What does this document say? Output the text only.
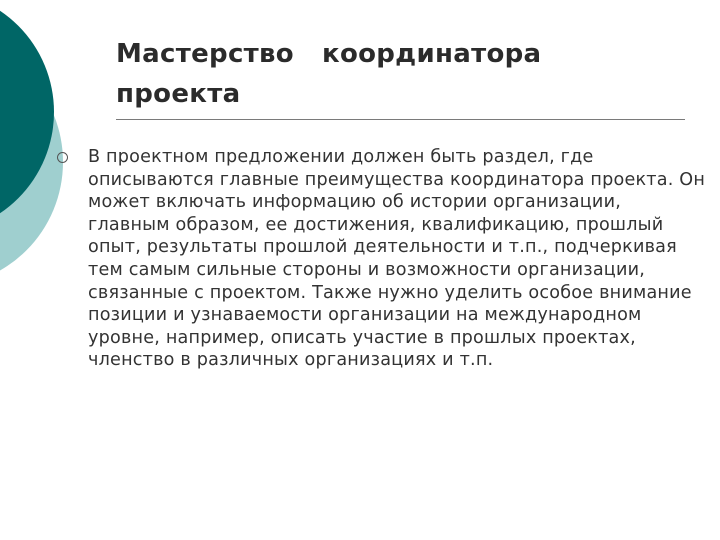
Мастерство   координатора
проекта

В проектном предложении должен быть раздел, где описываются главные преимущества координатора проекта. Он может включать информацию об истории организации, главным образом, ее достижения, квалификацию, прошлый опыт, результаты прошлой деятельности и т.п., подчеркивая тем самым сильные стороны и возможности организации, связанные с проектом. Также нужно уделить особое внимание позиции и узнаваемости организации на международном уровне, например, описать участие в прошлых проектах, членство в различных организациях и т.п.
